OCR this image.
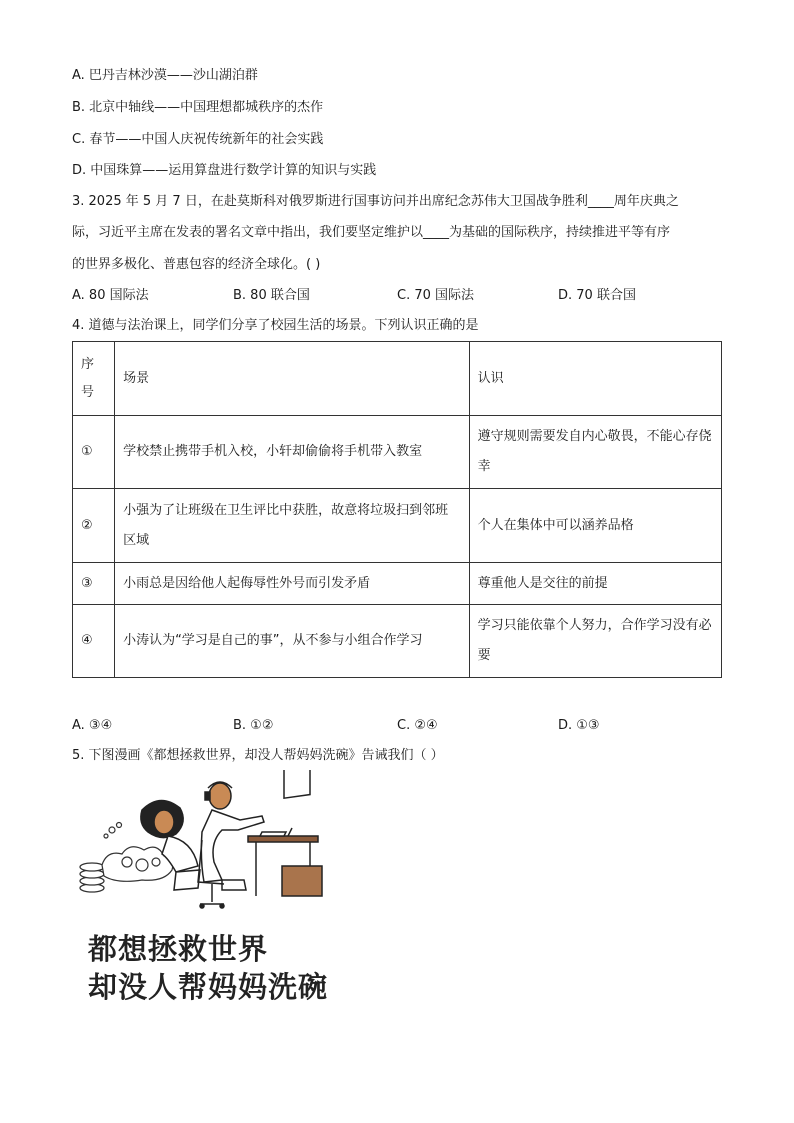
A. 巴丹吉林沙漠——沙山湖泊群
B. 北京中轴线——中国理想都城秩序的杰作
C. 春节——中国人庆祝传统新年的社会实践
D. 中国珠算——运用算盘进行数学计算的知识与实践
3. 2025 年 5 月 7 日，在赴莫斯科对俄罗斯进行国事访问并出席纪念苏伟大卫国战争胜利____周年庆典之
际，习近平主席在发表的署名文章中指出，我们要坚定维护以____为基础的国际秩序，持续推进平等有序
的世界多极化、普惠包容的经济全球化。( )
A. 80 国际法	B. 80 联合国	C. 70 国际法	D. 70 联合国
4. 道德与法治课上，同学们分享了校园生活的场景。下列认识正确的是
序号	场景	认识
①	学校禁止携带手机入校，小轩却偷偷将手机带入教室	遵守规则需要发自内心敬畏，不能心存侥幸
②	小强为了让班级在卫生评比中获胜，故意将垃圾扫到邻班区域	个人在集体中可以涵养品格
③	小雨总是因给他人起侮辱性外号而引发矛盾	尊重他人是交往的前提
④	小涛认为“学习是自己的事”，从不参与小组合作学习	学习只能依靠个人努力，合作学习没有必要
A. ③④	B. ①②	C. ②④	D. ①③
5. 下图漫画《都想拯救世界，却没人帮妈妈洗碗》告诫我们（ ）
都想拯救世界
却没人帮妈妈洗碗
